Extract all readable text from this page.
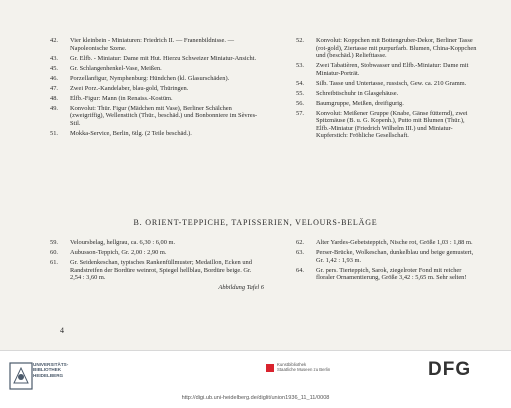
42.	Vier kleinbein - Miniaturen: Friedrich II. — Franenbildnisse. — Napoleonische Szene.
43.	Gr. Elfb. - Miniatur: Dame mit Hut. Hierzu Schweizer Miniatur-Ansicht.
45.	Gr. Schlangenhenkel-Vase, Meißen.
46.	Porzellanfigur, Nymphenburg: Hündchen (kl. Glasurschäden).
47.	Zwei Porz.-Kandelaber, blau-gold, Thüringen.
48.	Elfb.-Figur: Mann (in Renaiss.-Kostüm.
49.	Konvolut: Thür. Figur (Mädchen mit Vase), Berliner Schälchen (zweigriffig), Wellenstitch (Thür., beschäd.) und Bonbonniere im Sèvres-Stil.
51.	Mokka-Service, Berlin, 6tlg. (2 Teile beschäd.).
52.	Konvolut: Koppchen mit Bottengruber-Dekor, Berliner Tasse (rot-gold), Ziertasse mit purpurfarb. Blumen, China-Koppchen und (beschäd.) Reliefttasse.
53.	Zwei Tabatièren, Stobwasser und Elfb.-Miniatur: Dame mit Miniatur-Porträt.
54.	Silb. Tasse und Untertasse, russisch, Gew. ca. 210 Gramm.
55.	Schreibtischuhr in Glasgehäuse.
56.	Baumgruppe, Meißen, dreifigurig.
57.	Konvolut: Meißener Gruppe (Knabe, Gänse fütternd), zwei Spitzmäuse (B. u. G. Kopenh.), Putto mit Blumen (Thür.), Elfb.-Miniatur (Friedrich Wilhelm III.) und Miniatur-Kupferstich: Fröhliche Gesellschaft.
B. ORIENT-TEPPICHE, TAPISSERIEN, VELOURS-BELÄGE
59.	Veloursbelag, hellgrau, ca. 6,30 : 6,00 m.
60.	Aubusson-Teppich, Gr. 2,00 : 2,90 m.
61.	Gr. Seidenkeschan, typisches Rankenfüllmuster; Medaillon, Ecken und Randstreifen der Bordüre weinrot, Spiegel hellblau, Bordüre beige. Gr. 2,54 : 3,60 m.
Abbildung Tafel 6
62.	Alter Yardes-Gebetsteppich, Nische rot, Größe 1,03 : 1,88 m.
63.	Perser-Brücke, Wolkeschan, dunkelblau und beige gemustert, Gr. 1,42 : 1,93 m.
64.	Gr. pers. Tierteppich, Sarok, ziegelroter Fond mit reicher floraler Ornamentierung, Größe 3,42 : 5,65 m. Sehr selten!
4
UNIVERSITÄTS-
BIBLIOTHEK
HEIDELBERG
Kunstbibliothek
Staatliche Museen zu Berlin	DFG
http://digi.ub.uni-heidelberg.de/diglit/union1936_11_11/0008
